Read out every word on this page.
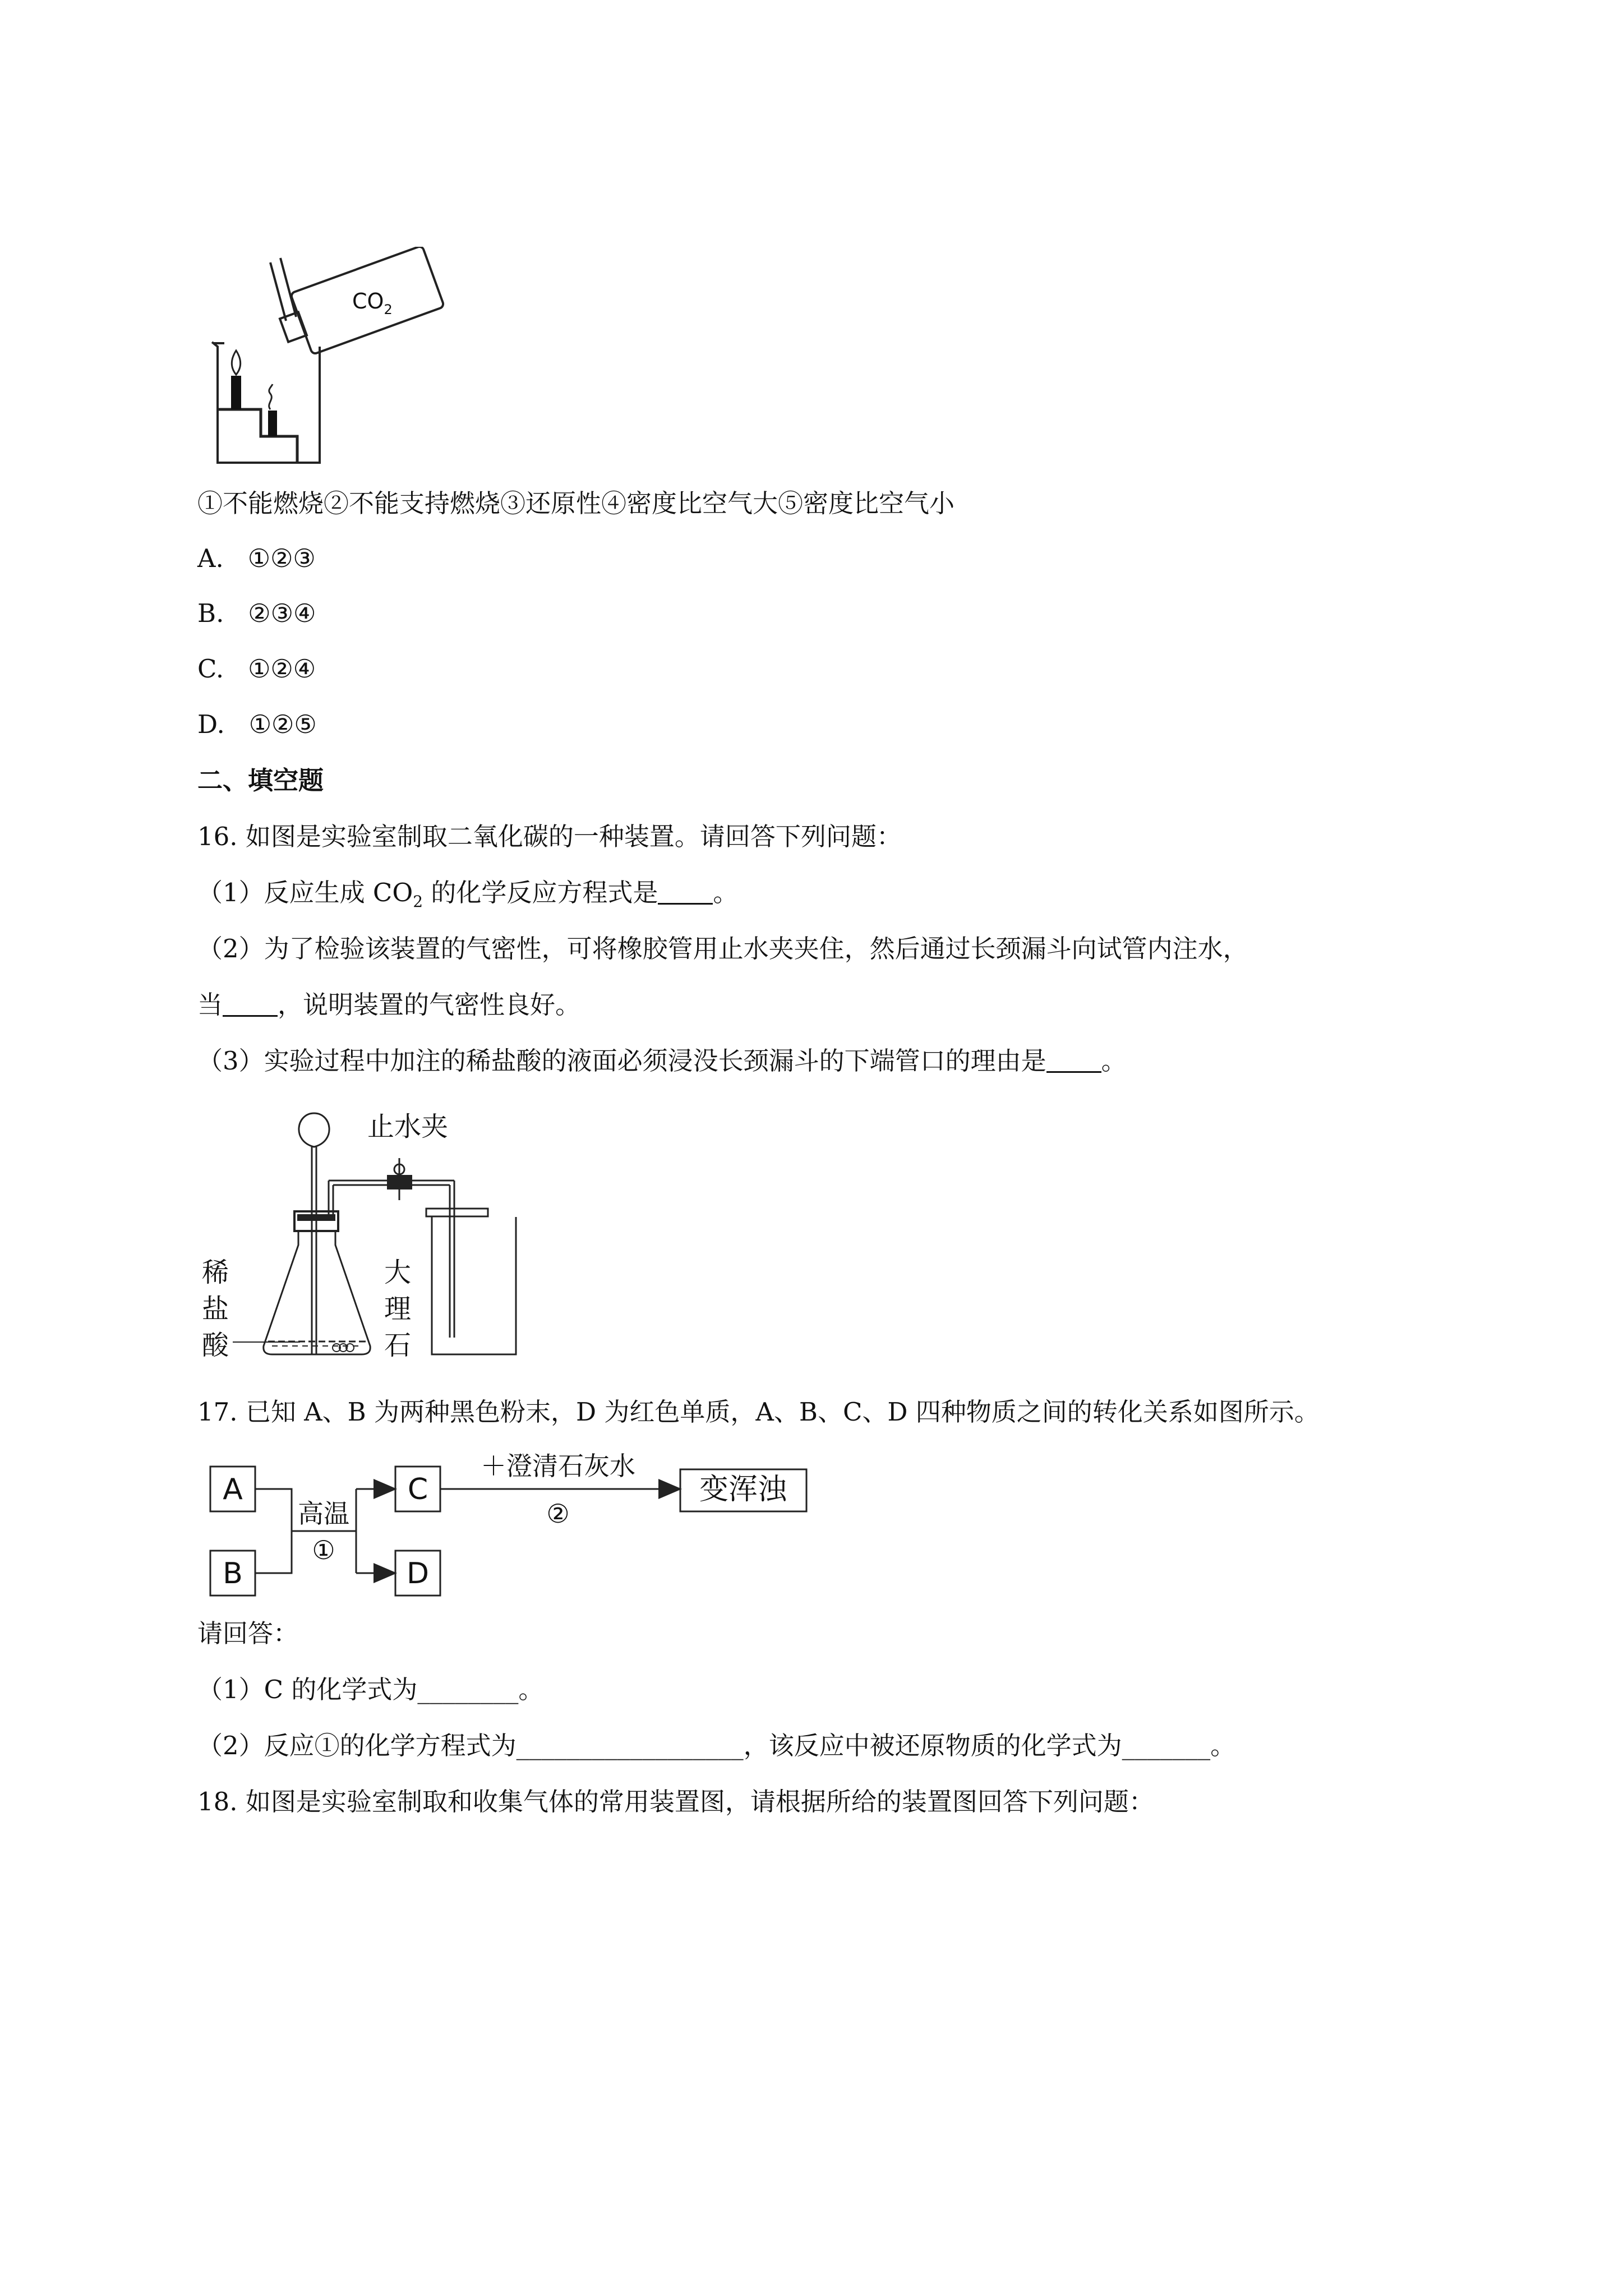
$CO_2$
①不能燃烧②不能支持燃烧③还原性④密度比空气大⑤密度比空气小
A. ①②③
B. ②③④
C. ①②④
D. ①②⑤
二、填空题
16. 如图是实验室制取二氧化碳的一种装置。请回答下列问题：
（1）反应生成 $CO_2$ 的化学反应方程式是 。
（2）为了检验该装置的气密性，可将橡胶管用止水夹夹住，然后通过长颈漏斗向试管内注水，
当 ，说明装置的气密性良好。
（3）实验过程中加注的稀盐酸的液面必须浸没长颈漏斗的下端管口的理由是 。
止水夹
稀
盐
酸
大
理
石
17. 已知 A、B 为两种黑色粉末，D 为红色单质，A、B、C、D 四种物质之间的转化关系如图所示。
A
B
C
D
变浑浊
高温
①
＋澄清石灰水
②
请回答：
（1）C 的化学式为________。
（2）反应①的化学方程式为__________________，该反应中被还原物质的化学式为_______。
18. 如图是实验室制取和收集气体的常用装置图，请根据所给的装置图回答下列问题：
